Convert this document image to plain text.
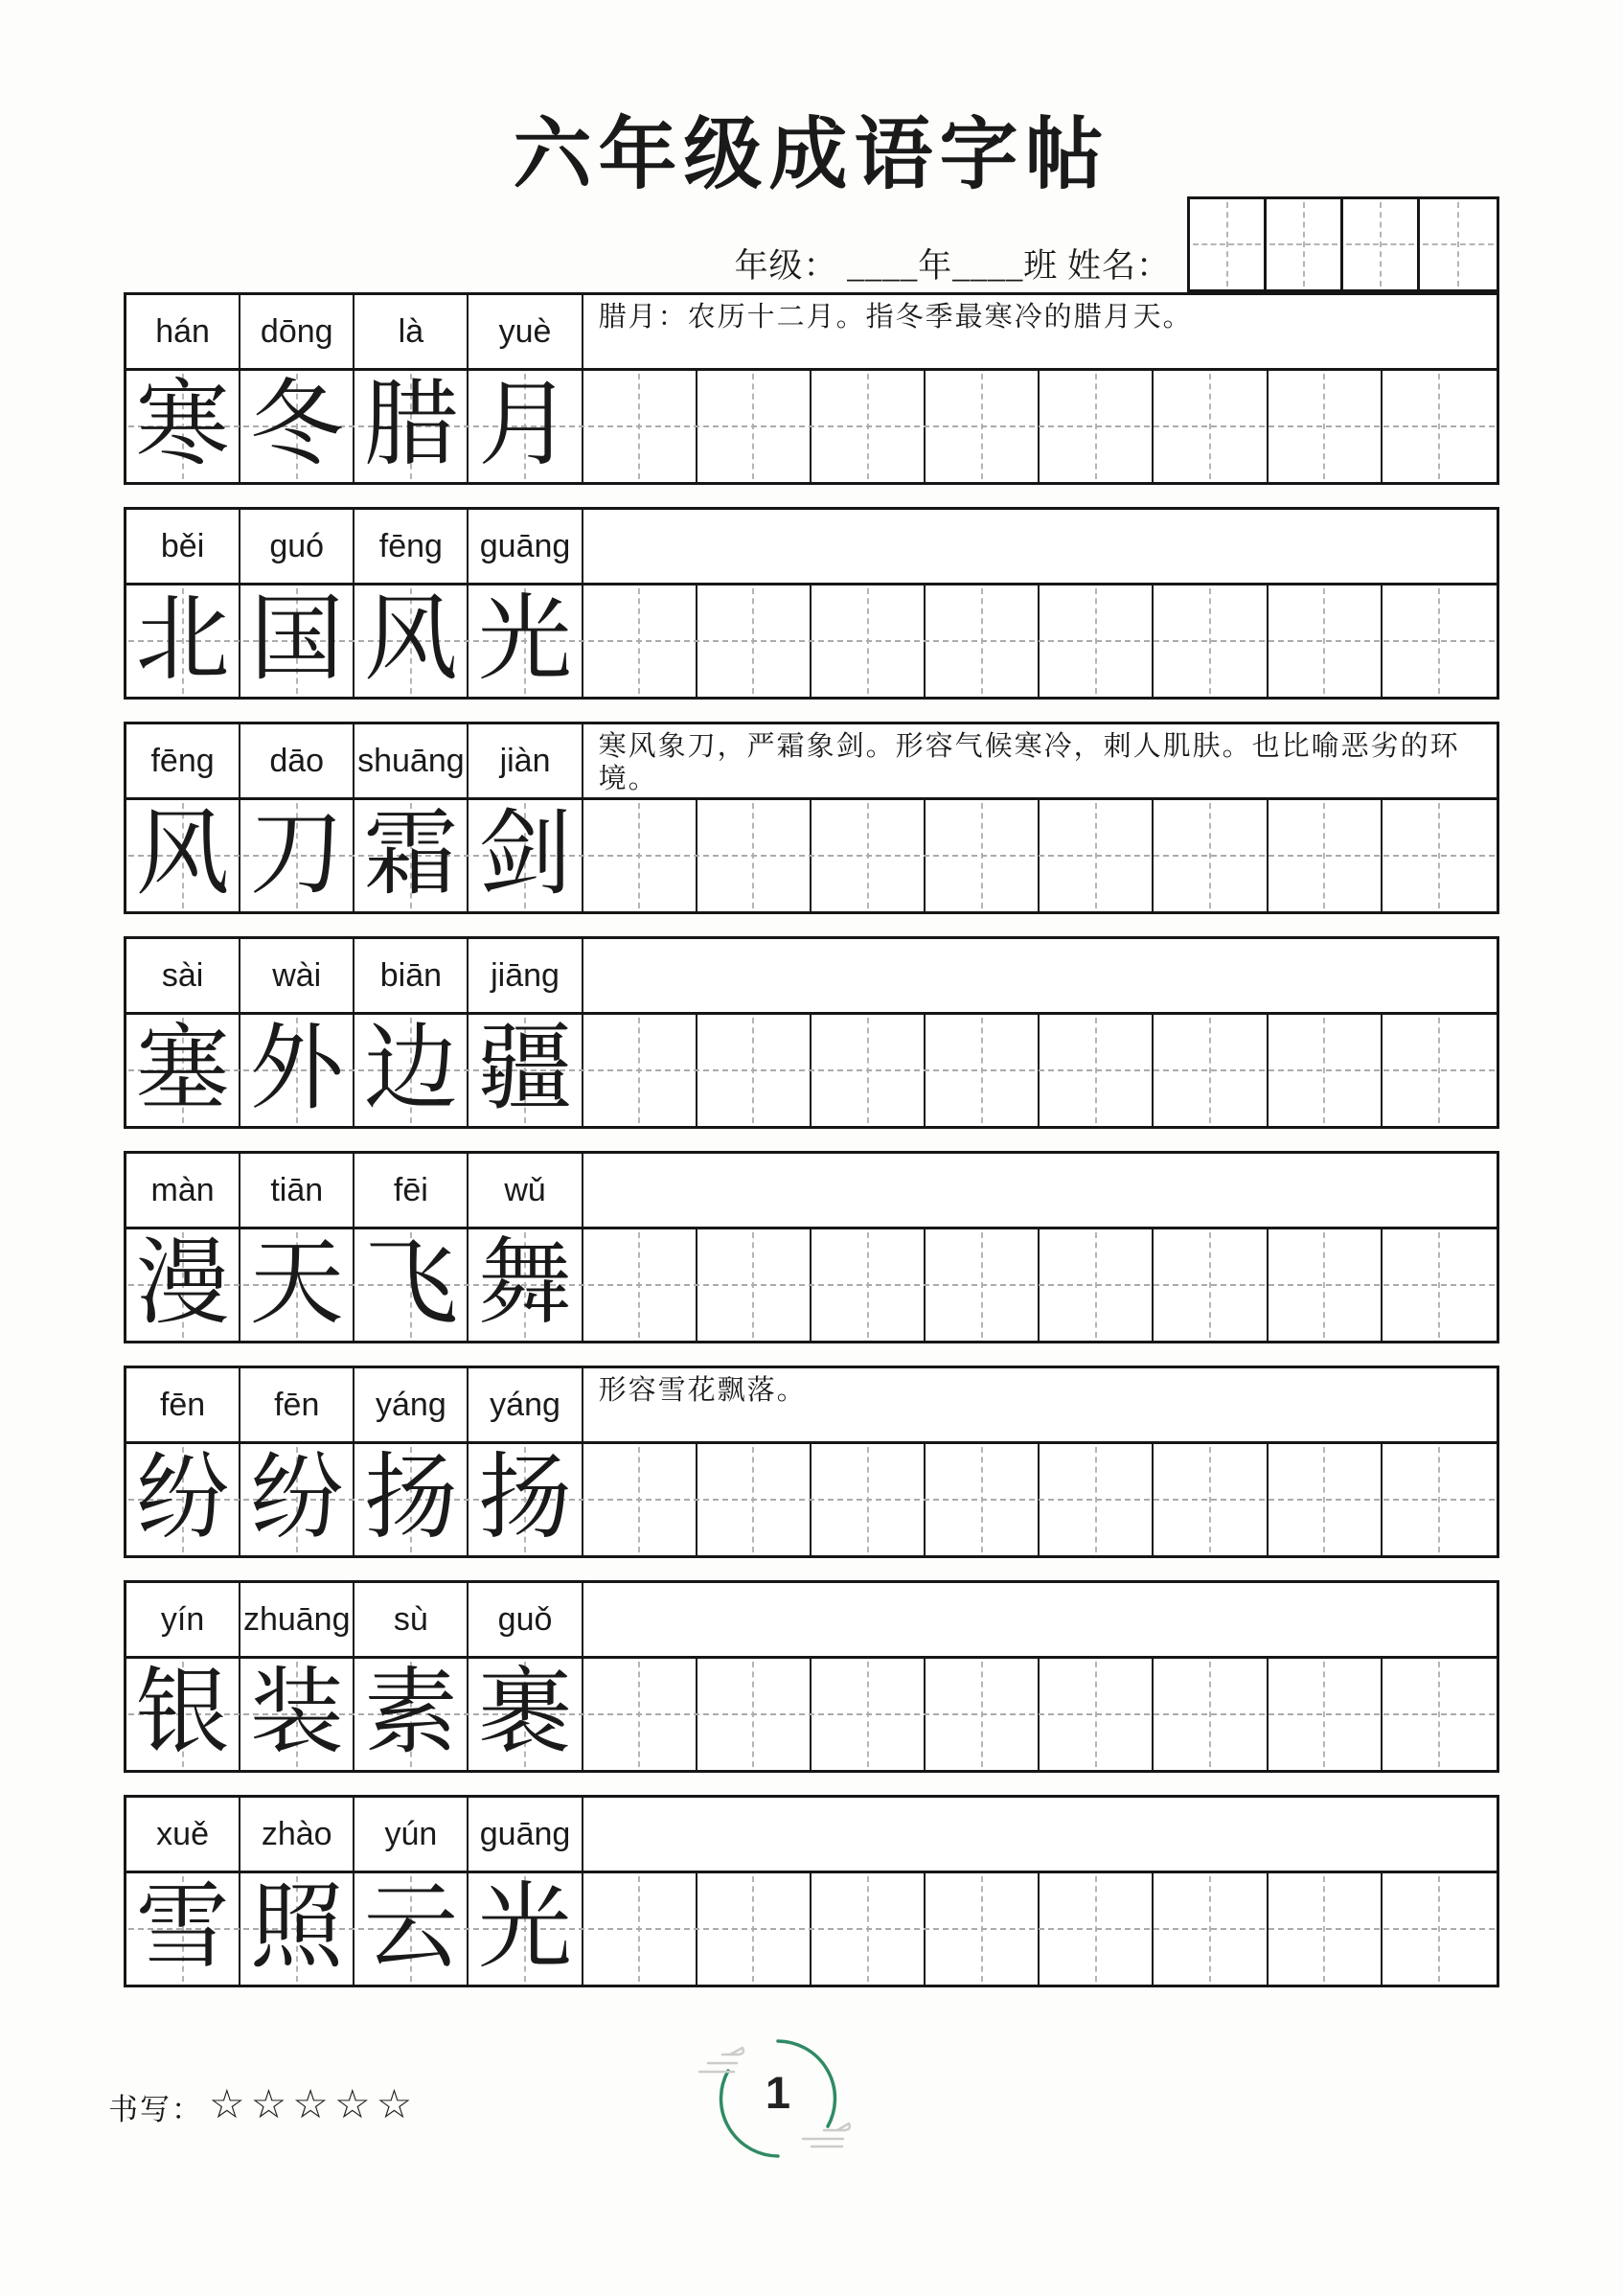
六年级成语字帖
年级： ____年____班 姓名：
hán	dōng	là	yuè	腊月：农历十二月。指冬季最寒冷的腊月天。
寒 冬 腊 月
běi	guó	fēng	guāng
北 国 风 光
fēng	dāo	shuāng	jiàn	寒风象刀，严霜象剑。形容气候寒冷，刺人肌肤。也比喻恶劣的环境。
风 刀 霜 剑
sài	wài	biān	jiāng
塞 外 边 疆
màn	tiān	fēi	wǔ
漫 天 飞 舞
fēn	fēn	yáng	yáng	形容雪花飘落。
纷 纷 扬 扬
yín	zhuāng	sù	guǒ
银 装 素 裹
xuě	zhào	yún	guāng
雪 照 云 光
书写： ☆☆☆☆☆	1
